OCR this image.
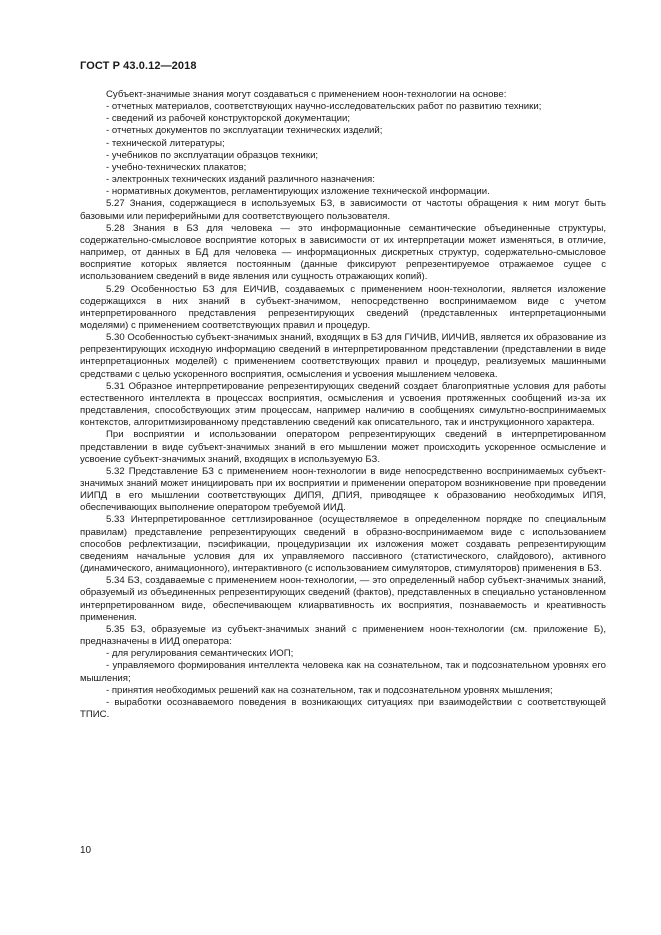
ГОСТ Р 43.0.12—2018

Субъект-значимые знания могут создаваться с применением ноон-технологии на основе:

- отчетных материалов, соответствующих научно-исследовательских работ по развитию техники;

- сведений из рабочей конструкторской документации;

- отчетных документов по эксплуатации технических изделий;

- технической литературы;

- учебников по эксплуатации образцов техники;

- учебно-технических плакатов;

- электронных технических изданий различного назначения:

- нормативных документов, регламентирующих изложение технической информации.

5.27 Знания, содержащиеся в используемых БЗ, в зависимости от частоты обращения к ним могут быть базовыми или периферийными для соответствующего пользователя.

5.28 Знания в БЗ для человека — это информационные семантические объединенные структуры, содержательно-смысловое восприятие которых в зависимости от их интерпретации может изменяться, в отличие, например, от данных в БД для человека — информационных дискретных структур, содержательно-смысловое восприятие которых является постоянным (данные фиксируют репрезентируемое отражаемое сущее с использованием сведений в виде явления или сущность отражающих копий).

5.29 Особенностью БЗ для ЕИЧИВ, создаваемых с применением ноон-технологии, является изложение содержащихся в них знаний в субъект-значимом, непосредственно воспринимаемом виде с учетом интерпретированного представления репрезентирующих сведений (представленных интерпретационными моделями) с применением соответствующих правил и процедур.

5.30 Особенностью субъект-значимых знаний, входящих в БЗ для ГИЧИВ, ИИЧИВ, является их образование из репрезентирующих исходную информацию сведений в интерпретированном представлении (представлении в виде интерпретационных моделей) с применением соответствующих правил и процедур, реализуемых машинными средствами с целью ускоренного восприятия, осмысления и усвоения мышлением человека.

5.31 Образное интерпретирование репрезентирующих сведений создает благоприятные условия для работы естественного интеллекта в процессах восприятия, осмысления и усвоения протяженных сообщений из-за их представления, способствующих этим процессам, например наличию в сообщениях симультно-воспринимаемых контекстов, алгоритмизированному представлению сведений как описательного, так и инструкционного характера.

При восприятии и использовании оператором репрезентирующих сведений в интерпретированном представлении в виде субъект-значимых знаний в его мышлении может происходить ускоренное осмысление и усвоение субъект-значимых знаний, входящих в используемую БЗ.

5.32 Представление БЗ с применением ноон-технологии в виде непосредственно воспринимаемых субъект-значимых знаний может инициировать при их восприятии и применении оператором возникновение при проведении ИИПД в его мышлении соответствующих ДИПЯ, ДПИЯ, приводящее к образованию необходимых ИПЯ, обеспечивающих выполнение оператором требуемой ИИД.

5.33 Интерпретированное сеттлизированное (осуществляемое в определенном порядке по специальным правилам) представление репрезентирующих сведений в образно-воспринимаемом виде с использованием способов рефлектизации, пэсификации, процедуризации их изложения может создавать репрезентирующим сведениям начальные условия для их управляемого пассивного (статистического, слайдового), активного (динамического, анимационного), интерактивного (с использованием симуляторов, стимуляторов) применения в БЗ.

5.34 БЗ, создаваемые с применением ноон-технологии, — это определенный набор субъект-значимых знаний, образуемый из объединенных репрезентирующих сведений (фактов), представленных в специально установленном интерпретированном виде, обеспечивающем клиарвативность их восприятия, познаваемость и креативность применения.

5.35 БЗ, образуемые из субъект-значимых знаний с применением ноон-технологии (см. приложение Б), предназначены в ИИД оператора:

- для регулирования семантических ИОП;

- управляемого формирования интеллекта человека как на сознательном, так и подсознательном уровнях его мышления;

- принятия необходимых решений как на сознательном, так и подсознательном уровнях мышления;

- выработки осознаваемого поведения в возникающих ситуациях при взаимодействии с соответствующей ТПИС.

10
